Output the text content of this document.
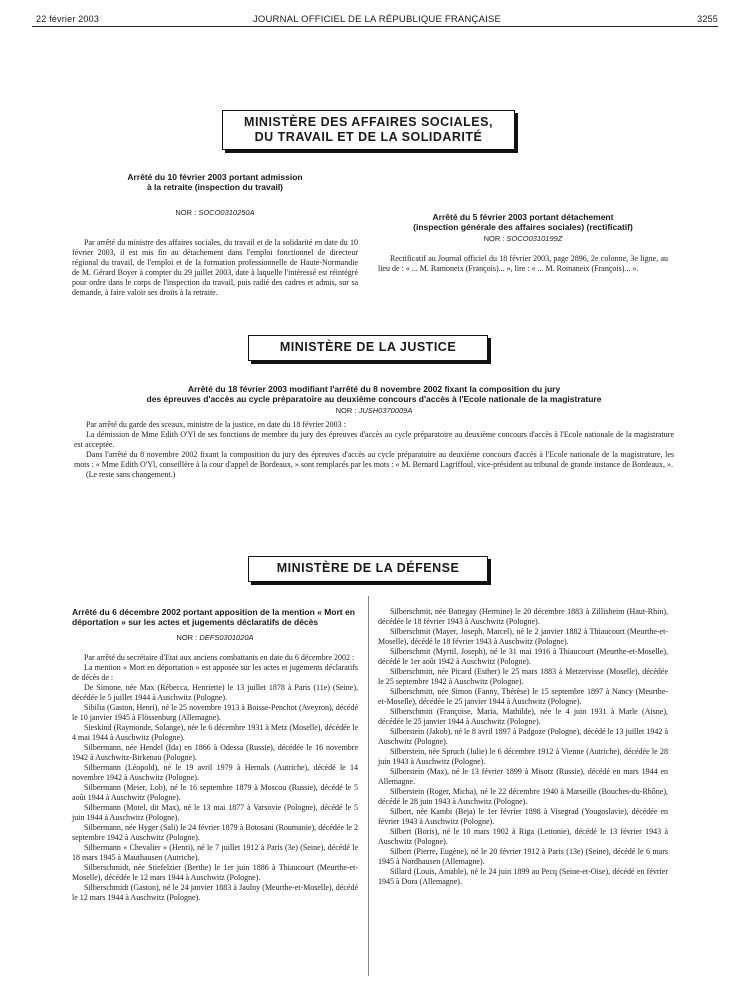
22 février 2003	JOURNAL OFFICIEL DE LA RÉPUBLIQUE FRANÇAISE	3255
MINISTÈRE DES AFFAIRES SOCIALES,
DU TRAVAIL ET DE LA SOLIDARITÉ
Arrêté du 10 février 2003 portant admission
à la retraite (inspection du travail)
NOR : SOCO0310250A

Par arrêté du ministre des affaires sociales, du travail et de la solidarité en date du 10 février 2003, il est mis fin au détachement dans l'emploi fonctionnel de directeur régional du travail, de l'emploi et de la formation professionnelle de Haute-Normandie de M. Gérard Boyer à compter du 29 juillet 2003, date à laquelle l'intéressé est réintégré pour ordre dans le corps de l'inspection du travail, puis radié des cadres et admis, sur sa demande, à faire valoir ses droits à la retraite.

Arrêté du 5 février 2003 portant détachement
(inspection générale des affaires sociales) (rectificatif)
NOR : SOCO0310199Z

Rectificatif au Journal officiel du 18 février 2003, page 2896, 2e colonne, 3e ligne, au lieu de : « ... M. Ramoneix (François)... », lire : « ... M. Romaneix (François)... ».

MINISTÈRE DE LA JUSTICE
Arrêté du 18 février 2003 modifiant l'arrêté du 8 novembre 2002 fixant la composition du jury
des épreuves d'accès au cycle préparatoire au deuxième concours d'accès à l'Ecole nationale de la magistrature
NOR : JUSH0370009A

Par arrêté du garde des sceaux, ministre de la justice, en date du 18 février 2003 :

La démission de Mme Edith O'Yl de ses fonctions de membre du jury des épreuves d'accès au cycle préparatoire au deuxième concours d'accès à l'Ecole nationale de la magistrature est acceptée.

Dans l'arrêté du 8 novembre 2002 fixant la composition du jury des épreuves d'accès au cycle préparatoire au deuxième concours d'accès à l'Ecole nationale de la magistrature, les mots : « Mme Edith O'Yl, conseillère à la cour d'appel de Bordeaux, » sont remplacés par les mots : « M. Bernard Lagriffoul, vice-président au tribunal de grande instance de Bordeaux, ».

(Le reste sans changement.)

MINISTÈRE DE LA DÉFENSE
Arrêté du 6 décembre 2002 portant apposition de la mention « Mort en déportation » sur les actes et jugements déclaratifs de décès
NOR : DEFS0301020A

Par arrêté du secrétaire d'Etat aux anciens combattants en date du 6 décembre 2002 :

La mention « Mort en déportation » est apposée sur les actes et jugements déclaratifs de décès de :

De Simone, née Max (Rébecca, Henriette) le 13 juillet 1878 à Paris (11e) (Seine), décédée le 5 juillet 1944 à Auschwitz (Pologne).

Sibilia (Gaston, Henri), né le 25 novembre 1913 à Boisse-Penchot (Aveyron), décédé le 10 janvier 1945 à Flössenburg (Allemagne).

Sieskind (Raymonde, Solange), née le 6 décembre 1931 à Metz (Moselle), décédée le 4 mai 1944 à Auschwitz (Pologne).

Silbermann, née Hendel (Ida) en 1866 à Odessa (Russie), décédée le 16 novembre 1942 à Auschwitz-Birkenau (Pologne).

Silbermann (Léopold), né le 19 avril 1979 à Hernals (Autriche), décédé le 14 novembre 1942 à Auschwitz (Pologne).

Silbermann (Meier, Lob), né le 16 septembre 1879 à Moscou (Russie), décédé le 5 août 1944 à Auschwitz (Pologne).

Silbermann (Motel, dit Max), né le 13 mai 1877 à Varsovie (Pologne), décédé le 5 juin 1944 à Auschwitz (Pologne).

Silbermann, née Hyger (Sali) le 24 février 1879 à Botosani (Roumanie), décédée le 2 septembre 1942 à Auschwitz (Pologne).

Silbermann « Chevalier » (Henri), né le 7 juillet 1912 à Paris (3e) (Seine), décédé le 18 mars 1945 à Mauthausen (Autriche).

Silberschmidt, née Stiefelzier (Berthe) le 1er juin 1886 à Thiaucourt (Meurthe-et-Moselle), décédée le 12 mars 1944 à Auschwitz (Pologne).

Silberschmidt (Gaston), né le 24 janvier 1883 à Jaulny (Meurthe-et-Moselle), décédé le 12 mars 1944 à Auschwitz (Pologne).

Silberschmit, née Battegay (Hermine) le 20 décembre 1883 à Zillisheim (Haut-Rhin), décédée le 18 février 1943 à Auschwitz (Pologne).

Silberschmit (Mayer, Joseph, Marcel), né le 2 janvier 1882 à Thiaucourt (Meurthe-et-Moselle), décédé le 18 février 1943 à Auschwitz (Pologne).

Silberschmit (Myrtil, Joseph), né le 31 mai 1916 à Thiaucourt (Meurthe-et-Moselle), décédé le 1er août 1942 à Auschwitz (Pologne).

Silberschmitt, née Picard (Esther) le 25 mars 1883 à Metzervisse (Moselle), décédée le 25 septembre 1942 à Auschwitz (Pologne).

Silberschmitt, née Simon (Fanny, Thérèse) le 15 septembre 1897 à Nancy (Meurthe-et-Moselle), décédée le 25 janvier 1944 à Auschwitz (Pologne).

Silberschmitt (Françoise, Maria, Mathilde), née le 4 juin 1931 à Marle (Aisne), décédée le 25 janvier 1944 à Auschwitz (Pologne).

Silberstein (Jakob), né le 8 avril 1897 à Padgoze (Pologne), décédé le 13 juillet 1942 à Auschwitz (Pologne).

Silberstein, née Spruch (Julie) le 6 décembre 1912 à Vienne (Autriche), décédée le 28 juin 1943 à Auschwitz (Pologne).

Silberstein (Max), né le 13 février 1899 à Misotz (Russie), décédé en mars 1944 en Allemagne.

Silberstein (Roger, Micha), né le 22 décembre 1940 à Marseille (Bouches-du-Rhône), décédé le 28 juin 1943 à Auschwitz (Pologne).

Silbert, née Kambi (Beja) le 1er février 1898 à Visegrad (Yougoslavie), décédée en février 1943 à Auschwitz (Pologne).

Silbert (Boris), né le 10 mars 1902 à Riga (Lettonie), décédé le 13 février 1943 à Auschwitz (Pologne).

Silbert (Pierre, Eugène), né le 20 février 1912 à Paris (13e) (Seine), décédé le 6 mars 1945 à Nordhausen (Allemagne).

Sillard (Louis, Amable), né le 24 juin 1899 au Pecq (Seine-et-Oise), décédé en février 1945 à Dora (Allemagne).
